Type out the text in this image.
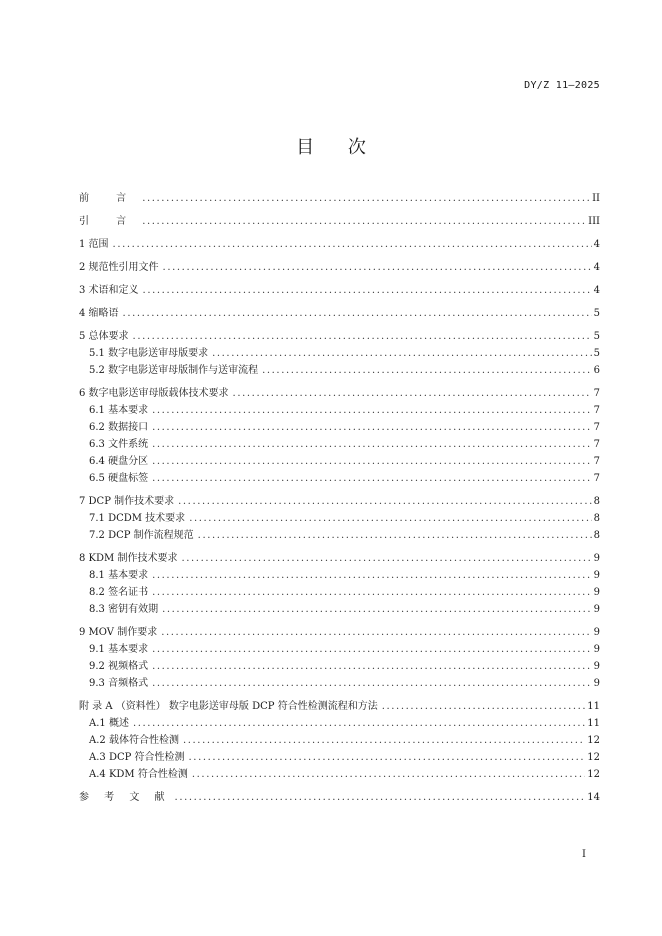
DY/Z 11—2025
目 次
前 言 .....	II
引 言 .....	III
1 范围 .....	4
2 规范性引用文件 .....	4
3 术语和定义 .....	4
4 缩略语 .....	5
5 总体要求 .....	5
5.1 数字电影送审母版要求 .....	5
5.2 数字电影送审母版制作与送审流程 .....	6
6 数字电影送审母版载体技术要求 .....	7
6.1 基本要求 .....	7
6.2 数据接口 .....	7
6.3 文件系统 .....	7
6.4 硬盘分区 .....	7
6.5 硬盘标签 .....	7
7 DCP 制作技术要求 .....	8
7.1 DCDM 技术要求 .....	8
7.2 DCP 制作流程规范 .....	8
8 KDM 制作技术要求 .....	9
8.1 基本要求 .....	9
8.2 签名证书 .....	9
8.3 密钥有效期 .....	9
9 MOV 制作要求 .....	9
9.1 基本要求 .....	9
9.2 视频格式 .....	9
9.3 音频格式 .....	9
附 录 A （资料性） 数字电影送审母版 DCP 符合性检测流程和方法 .....	11
A.1 概述 .....	11
A.2 载体符合性检测 .....	12
A.3 DCP 符合性检测 .....	12
A.4 KDM 符合性检测 .....	12
参 考 文 献 .....	14
I
